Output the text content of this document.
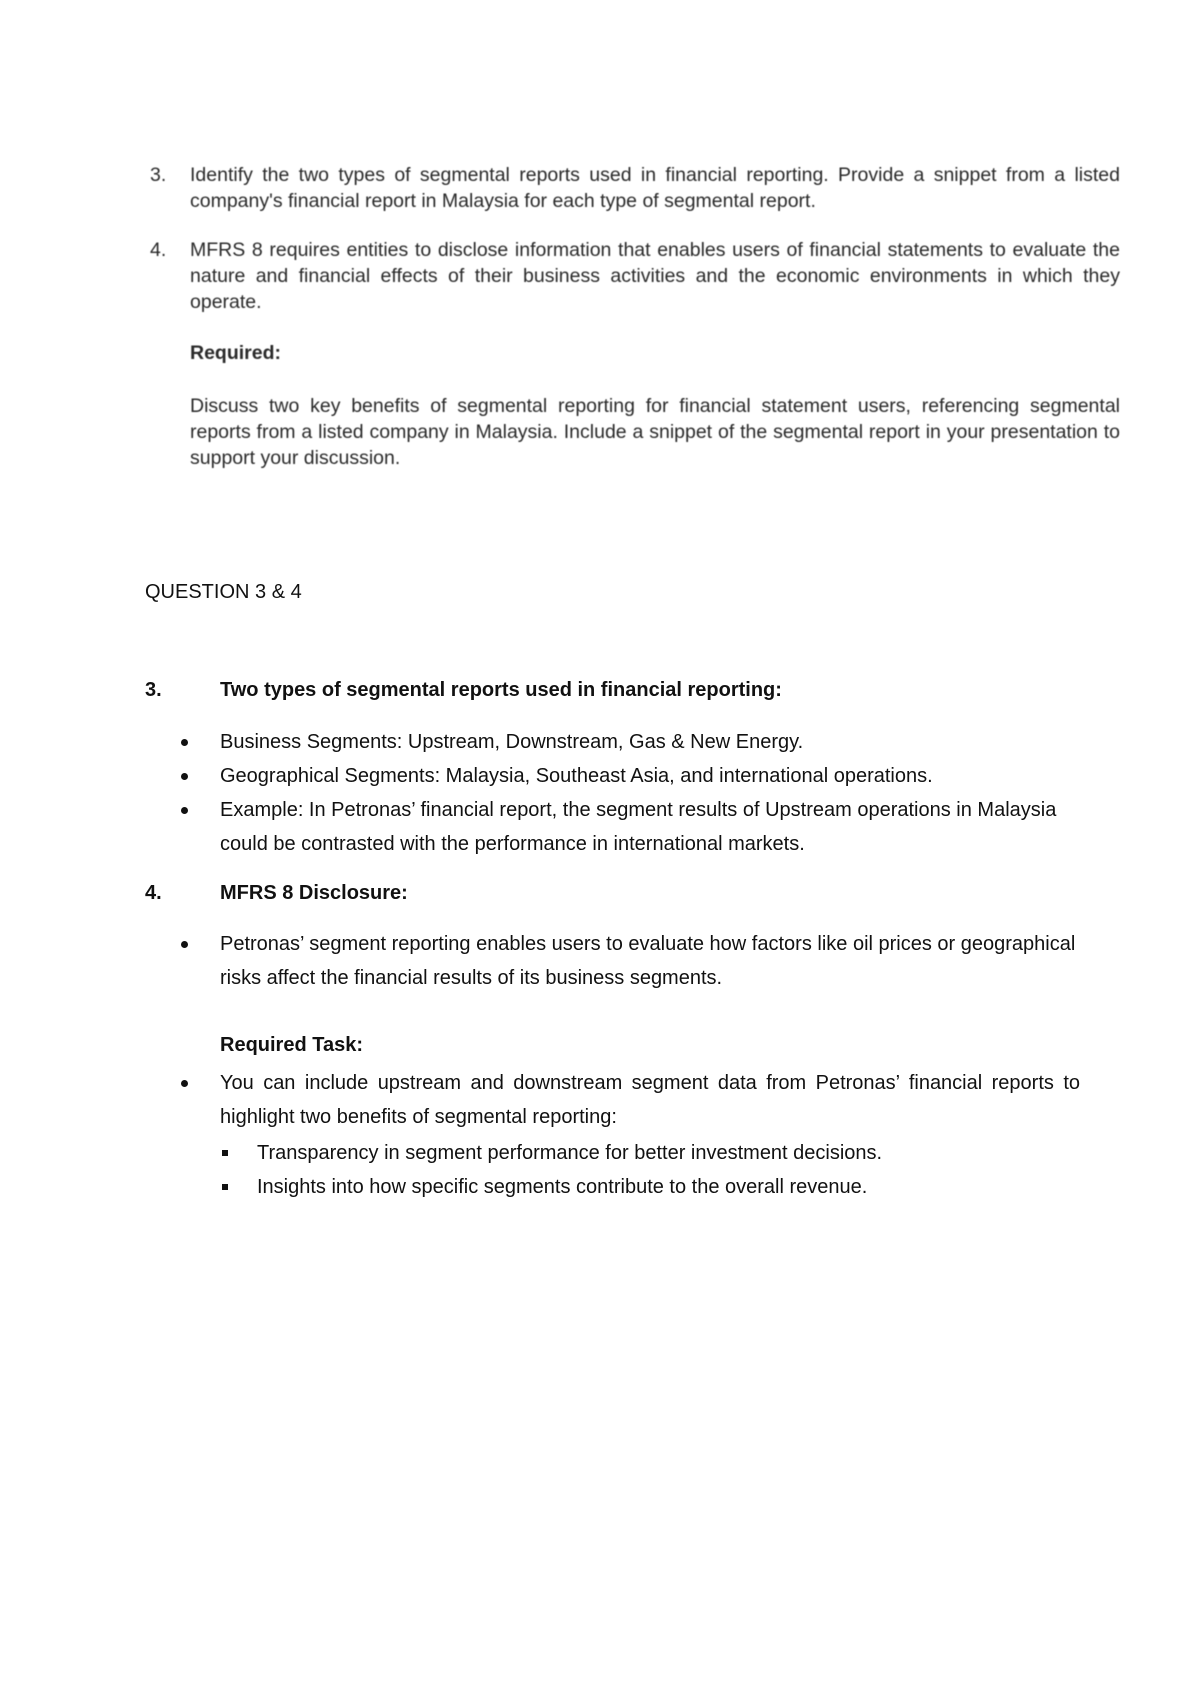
3.	Identify the two types of segmental reports used in financial reporting. Provide a snippet from a listed company's financial report in Malaysia for each type of segmental report.
4.	MFRS 8 requires entities to disclose information that enables users of financial statements to evaluate the nature and financial effects of their business activities and the economic environments in which they operate.
Required:
Discuss two key benefits of segmental reporting for financial statement users, referencing segmental reports from a listed company in Malaysia. Include a snippet of the segmental report in your presentation to support your discussion.
QUESTION 3 & 4
3.	Two types of segmental reports used in financial reporting:
Business Segments: Upstream, Downstream, Gas & New Energy.
Geographical Segments: Malaysia, Southeast Asia, and international operations.
Example: In Petronas’ financial report, the segment results of Upstream operations in Malaysia could be contrasted with the performance in international markets.
4.	MFRS 8 Disclosure:
Petronas’ segment reporting enables users to evaluate how factors like oil prices or geographical risks affect the financial results of its business segments.
Required Task:
You can include upstream and downstream segment data from Petronas’ financial reports to highlight two benefits of segmental reporting:
Transparency in segment performance for better investment decisions.
Insights into how specific segments contribute to the overall revenue.
